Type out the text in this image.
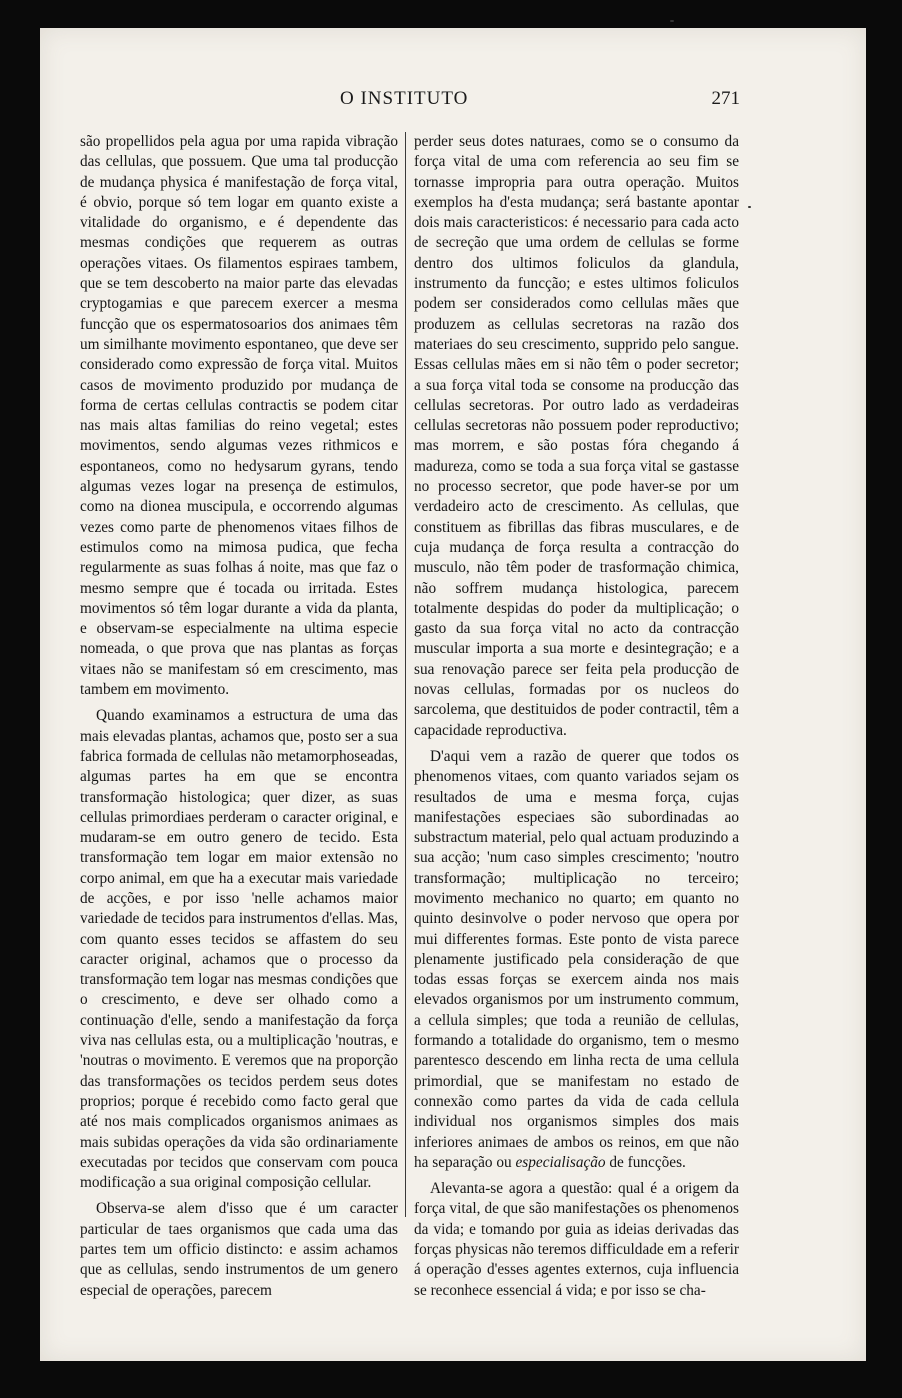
O INSTITUTO	271

são propellidos pela agua por uma rapida vibração das cellulas, que possuem. Que uma tal producção de mudança physica é manifestação de força vital, é obvio, porque só tem logar em quanto existe a vitalidade do organismo, e é dependente das mesmas condições que requerem as outras operações vitaes. Os filamentos espiraes tambem, que se tem descoberto na maior parte das elevadas cryptogamias e que parecem exercer a mesma funcção que os espermatosoarios dos animaes têm um similhante movimento espontaneo, que deve ser considerado como expressão de força vital. Muitos casos de movimento produzido por mudança de forma de certas cellulas contractis se podem citar nas mais altas familias do reino vegetal; estes movimentos, sendo algumas vezes rithmicos e espontaneos, como no hedysarum gyrans, tendo algumas vezes logar na presença de estimulos, como na dionea muscipula, e occorrendo algumas vezes como parte de phenomenos vitaes filhos de estimulos como na mimosa pudica, que fecha regularmente as suas folhas á noite, mas que faz o mesmo sempre que é tocada ou irritada. Estes movimentos só têm logar durante a vida da planta, e observam-se especialmente na ultima especie nomeada, o que prova que nas plantas as forças vitaes não se manifestam só em crescimento, mas tambem em movimento.

Quando examinamos a estructura de uma das mais elevadas plantas, achamos que, posto ser a sua fabrica formada de cellulas não metamorphoseadas, algumas partes ha em que se encontra transformação histologica; quer dizer, as suas cellulas primordiaes perderam o caracter original, e mudaram-se em outro genero de tecido. Esta transformação tem logar em maior extensão no corpo animal, em que ha a executar mais variedade de acções, e por isso 'nelle achamos maior variedade de tecidos para instrumentos d'ellas. Mas, com quanto esses tecidos se affastem do seu caracter original, achamos que o processo da transformação tem logar nas mesmas condições que o crescimento, e deve ser olhado como a continuação d'elle, sendo a manifestação da força viva nas cellulas esta, ou a multiplicação 'noutras, e 'noutras o movimento. E veremos que na proporção das transformações os tecidos perdem seus dotes proprios; porque é recebido como facto geral que até nos mais complicados organismos animaes as mais subidas operações da vida são ordinariamente executadas por tecidos que conservam com pouca modificação a sua original composição cellular.

Observa-se alem d'isso que é um caracter particular de taes organismos que cada uma das partes tem um officio distincto: e assim achamos que as cellulas, sendo instrumentos de um genero especial de operações, parecem

perder seus dotes naturaes, como se o consumo da força vital de uma com referencia ao seu fim se tornasse impropria para outra operação. Muitos exemplos ha d'esta mudança; será bastante apontar dois mais caracteristicos: é necessario para cada acto de secreção que uma ordem de cellulas se forme dentro dos ultimos foliculos da glandula, instrumento da funcção; e estes ultimos foliculos podem ser considerados como cellulas mães que produzem as cellulas secretoras na razão dos materiaes do seu crescimento, supprido pelo sangue. Essas cellulas mães em si não têm o poder secretor; a sua força vital toda se consome na producção das cellulas secretoras. Por outro lado as verdadeiras cellulas secretoras não possuem poder reproductivo; mas morrem, e são postas fóra chegando á madureza, como se toda a sua força vital se gastasse no processo secretor, que pode haver-se por um verdadeiro acto de crescimento. As cellulas, que constituem as fibrillas das fibras musculares, e de cuja mudança de força resulta a contracção do musculo, não têm poder de trasformação chimica, não soffrem mudança histologica, parecem totalmente despidas do poder da multiplicação; o gasto da sua força vital no acto da contracção muscular importa a sua morte e desintegração; e a sua renovação parece ser feita pela producção de novas cellulas, formadas por os nucleos do sarcolema, que destituidos de poder contractil, têm a capacidade reproductiva.

D'aqui vem a razão de querer que todos os phenomenos vitaes, com quanto variados sejam os resultados de uma e mesma força, cujas manifestações especiaes são subordinadas ao substractum material, pelo qual actuam produzindo a sua acção; 'num caso simples crescimento; 'noutro transformação; multiplicação no terceiro; movimento mechanico no quarto; em quanto no quinto desinvolve o poder nervoso que opera por mui differentes formas. Este ponto de vista parece plenamente justificado pela consideração de que todas essas forças se exercem ainda nos mais elevados organismos por um instrumento commum, a cellula simples; que toda a reunião de cellulas, formando a totalidade do organismo, tem o mesmo parentesco descendo em linha recta de uma cellula primordial, que se manifestam no estado de connexão como partes da vida de cada cellula individual nos organismos simples dos mais inferiores animaes de ambos os reinos, em que não ha separação ou especialisação de funcções.

Alevanta-se agora a questão: qual é a origem da força vital, de que são manifestações os phenomenos da vida; e tomando por guia as ideias derivadas das forças physicas não teremos difficuldade em a referir á operação d'esses agentes externos, cuja influencia se reconhece essencial á vida; e por isso se cha-
